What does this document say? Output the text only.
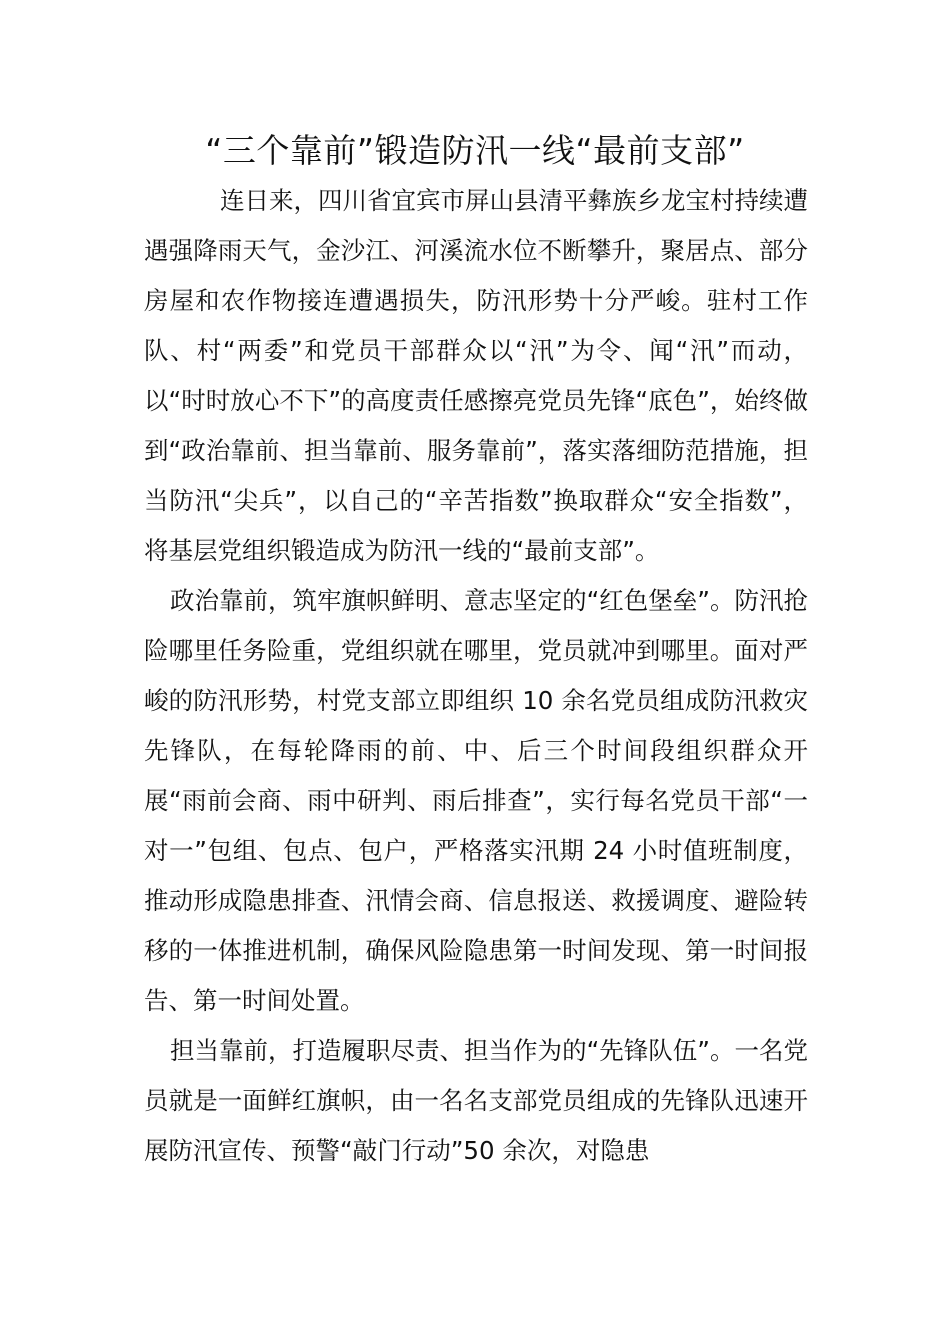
“三个靠前”锻造防汛一线“最前支部”

连日来，四川省宜宾市屏山县清平彝族乡龙宝村持续遭遇强降雨天气，金沙江、河溪流水位不断攀升，聚居点、部分房屋和农作物接连遭遇损失，防汛形势十分严峻。驻村工作队、村“两委”和党员干部群众以“汛”为令、闻“汛”而动，以“时时放心不下”的高度责任感擦亮党员先锋“底色”，始终做到“政治靠前、担当靠前、服务靠前”，落实落细防范措施，担当防汛“尖兵”，以自己的“辛苦指数”换取群众“安全指数”，将基层党组织锻造成为防汛一线的“最前支部”。

政治靠前，筑牢旗帜鲜明、意志坚定的“红色堡垒”。防汛抢险哪里任务险重，党组织就在哪里，党员就冲到哪里。面对严峻的防汛形势，村党支部立即组织 10 余名党员组成防汛救灾先锋队，在每轮降雨的前、中、后三个时间段组织群众开展“雨前会商、雨中研判、雨后排查”，实行每名党员干部“一对一”包组、包点、包户，严格落实汛期 24 小时值班制度，推动形成隐患排查、汛情会商、信息报送、救援调度、避险转移的一体推进机制，确保风险隐患第一时间发现、第一时间报告、第一时间处置。

担当靠前，打造履职尽责、担当作为的“先锋队伍”。一名党员就是一面鲜红旗帜，由一名名支部党员组成的先锋队迅速开展防汛宣传、预警“敲门行动”50 余次，对隐患
